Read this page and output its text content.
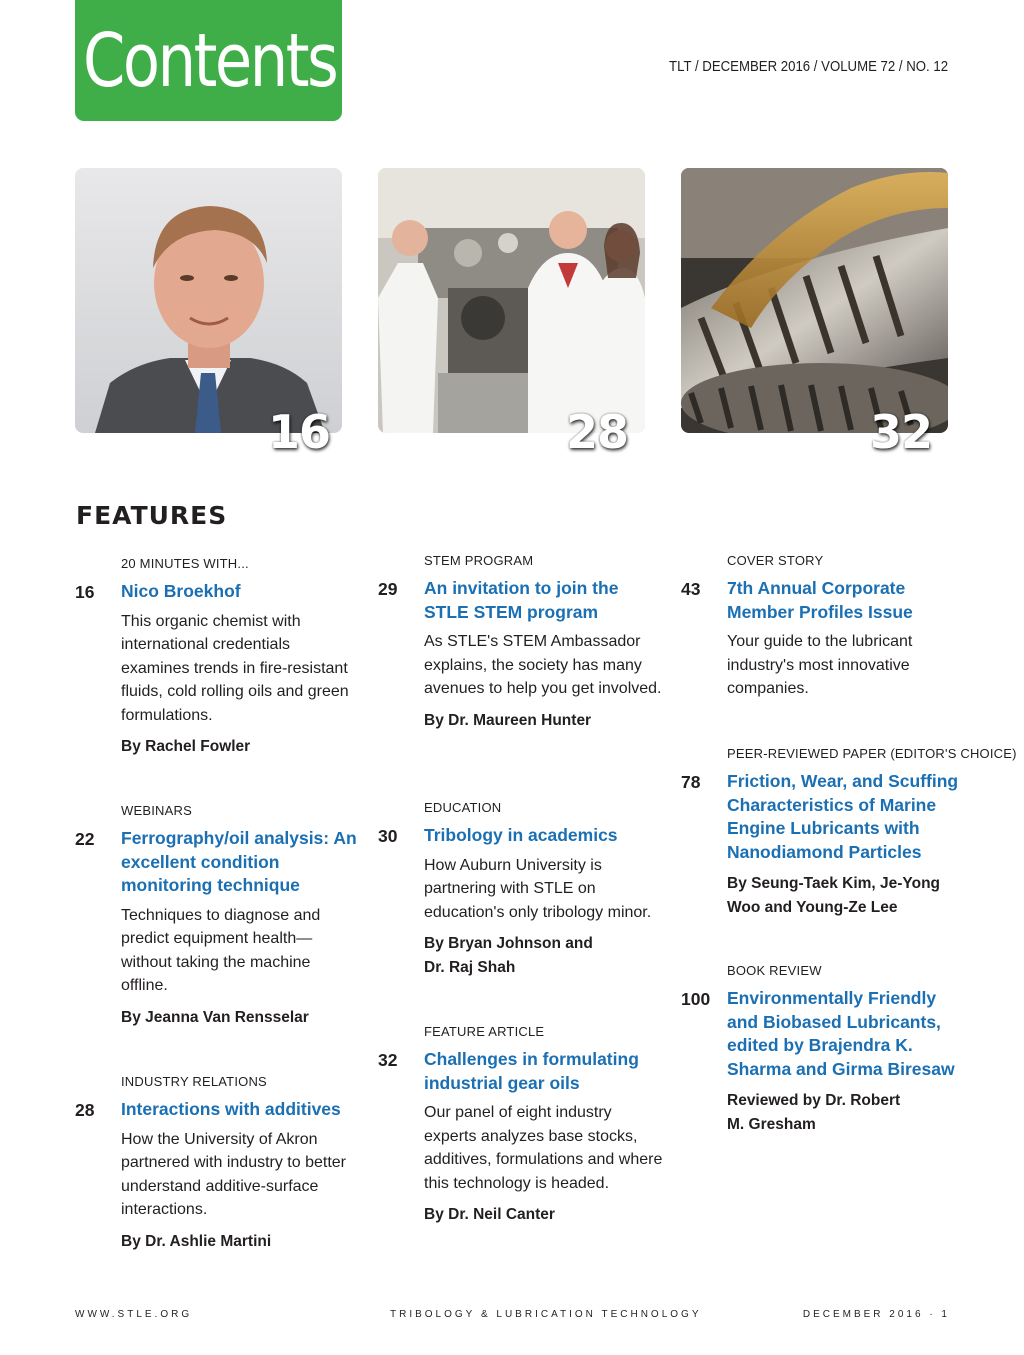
Contents	TLT / DECEMBER 2016 / VOLUME 72 / NO. 12
16	28	32
FEATURES
20 MINUTES WITH...
16 Nico Broekhof
This organic chemist with international credentials examines trends in fire-resistant fluids, cold rolling oils and green formulations.
By Rachel Fowler
WEBINARS
22 Ferrography/oil analysis: An excellent condition monitoring technique
Techniques to diagnose and predict equipment health—without taking the machine offline.
By Jeanna Van Rensselar
INDUSTRY RELATIONS
28 Interactions with additives
How the University of Akron partnered with industry to better understand additive-surface interactions.
By Dr. Ashlie Martini
STEM PROGRAM
29 An invitation to join the STLE STEM program
As STLE's STEM Ambassador explains, the society has many avenues to help you get involved.
By Dr. Maureen Hunter
EDUCATION
30 Tribology in academics
How Auburn University is partnering with STLE on education's only tribology minor.
By Bryan Johnson and Dr. Raj Shah
FEATURE ARTICLE
32 Challenges in formulating industrial gear oils
Our panel of eight industry experts analyzes base stocks, additives, formulations and where this technology is headed.
By Dr. Neil Canter
COVER STORY
43 7th Annual Corporate Member Profiles Issue
Your guide to the lubricant industry's most innovative companies.
PEER-REVIEWED PAPER (EDITOR'S CHOICE)
78 Friction, Wear, and Scuffing Characteristics of Marine Engine Lubricants with Nanodiamond Particles
By Seung-Taek Kim, Je-Yong Woo and Young-Ze Lee
BOOK REVIEW
100 Environmentally Friendly and Biobased Lubricants, edited by Brajendra K. Sharma and Girma Biresaw
Reviewed by Dr. Robert M. Gresham
WWW.STLE.ORG	TRIBOLOGY & LUBRICATION TECHNOLOGY	DECEMBER 2016 · 1
